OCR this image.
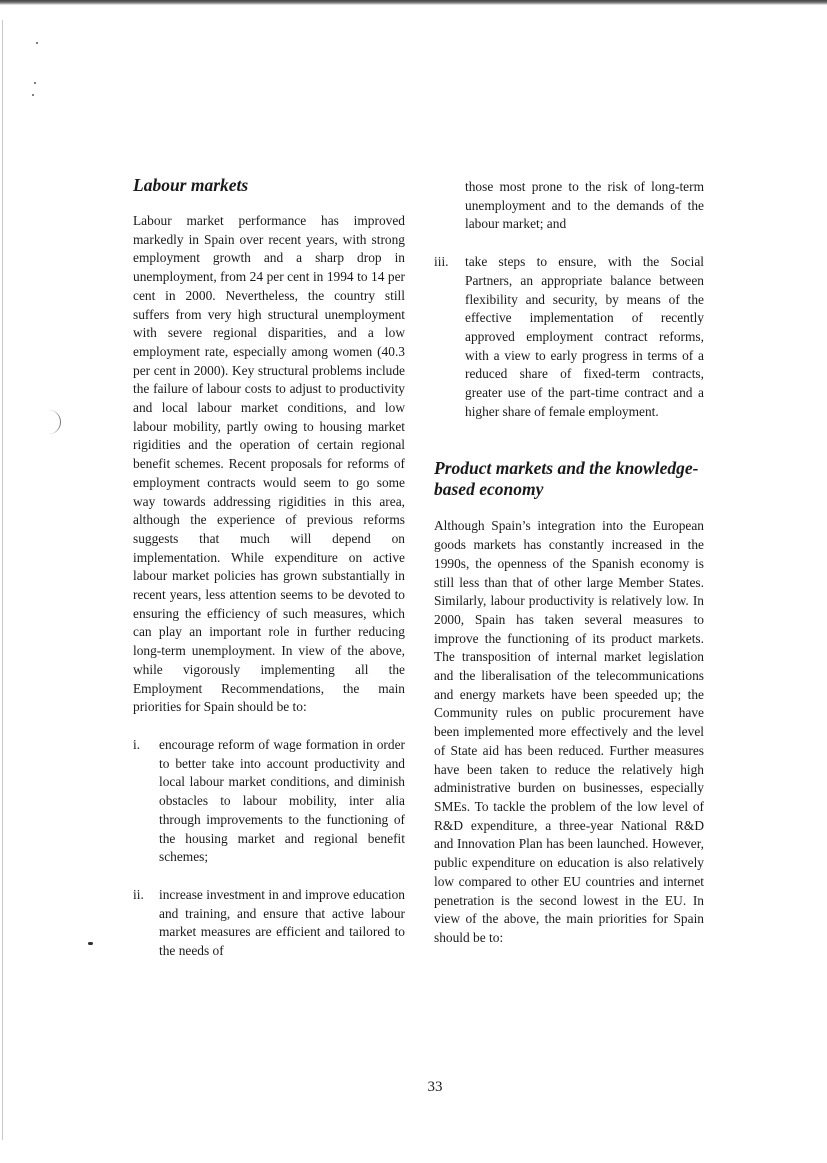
Labour markets

Labour market performance has improved markedly in Spain over recent years, with strong employment growth and a sharp drop in unemployment, from 24 per cent in 1994 to 14 per cent in 2000. Nevertheless, the country still suffers from very high structural unemployment with severe regional disparities, and a low employment rate, especially among women (40.3 per cent in 2000). Key structural problems include the failure of labour costs to adjust to productivity and local labour market conditions, and low labour mobility, partly owing to housing market rigidities and the operation of certain regional benefit schemes. Recent proposals for reforms of employment contracts would seem to go some way towards addressing rigidities in this area, although the experience of previous reforms suggests that much will depend on implementation. While expenditure on active labour market policies has grown substantially in recent years, less attention seems to be devoted to ensuring the efficiency of such measures, which can play an important role in further reducing long-term unemployment. In view of the above, while vigorously implementing all the Employment Recommendations, the main priorities for Spain should be to:

i.	encourage reform of wage formation in order to better take into account productivity and local labour market conditions, and diminish obstacles to labour mobility, inter alia through improvements to the functioning of the housing market and regional benefit schemes;
ii.	increase investment in and improve education and training, and ensure that active labour market measures are efficient and tailored to the needs of

those most prone to the risk of long-term unemployment and to the demands of the labour market; and

iii.	take steps to ensure, with the Social Partners, an appropriate balance between flexibility and security, by means of the effective implementation of recently approved employment contract reforms, with a view to early progress in terms of a reduced share of fixed-term contracts, greater use of the part-time contract and a higher share of female employment.
Product markets and the knowledge-based economy

Although Spain’s integration into the European goods markets has constantly increased in the 1990s, the openness of the Spanish economy is still less than that of other large Member States. Similarly, labour productivity is relatively low. In 2000, Spain has taken several measures to improve the functioning of its product markets. The transposition of internal market legislation and the liberalisation of the telecommunications and energy markets have been speeded up; the Community rules on public procurement have been implemented more effectively and the level of State aid has been reduced. Further measures have been taken to reduce the relatively high administrative burden on businesses, especially SMEs. To tackle the problem of the low level of R&D expenditure, a three-year National R&D and Innovation Plan has been launched. However, public expenditure on education is also relatively low compared to other EU countries and internet penetration is the second lowest in the EU. In view of the above, the main priorities for Spain should be to:

33
